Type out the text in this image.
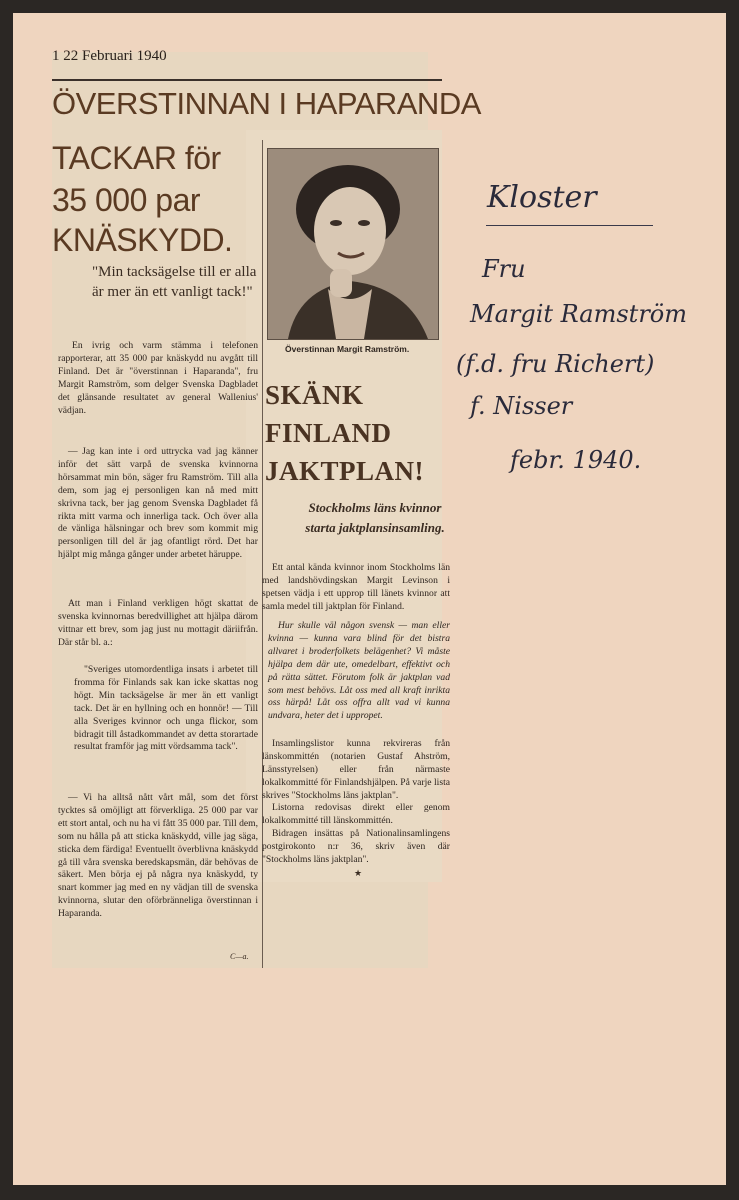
1 22 Februari 1940
ÖVERSTINNAN I HAPARANDA
TACKAR för
35 000 par
KNÄSKYDD.
"Min tacksägelse till er alla är mer än ett vanligt tack!"
En ivrig och varm stämma i telefonen rapporterar, att 35 000 par knäskydd nu avgått till Finland. Det är "överstinnan i Haparanda", fru Margit Ramström, som delger Svenska Dagbladet det glänsande resultatet av general Wallenius' vädjan.
— Jag kan inte i ord uttrycka vad jag känner inför det sätt varpå de svenska kvinnorna hörsammat min bön, säger fru Ramström. Till alla dem, som jag ej personligen kan nå med mitt skrivna tack, ber jag genom Svenska Dagbladet få rikta mitt varma och innerliga tack. Och över alla de vänliga hälsningar och brev som kommit mig personligen till del är jag ofantligt rörd. Det har hjälpt mig många gånger under arbetet häruppe.
Att man i Finland verkligen högt skattat de svenska kvinnornas beredvillighet att hjälpa därom vittnar ett brev, som jag just nu mottagit däriifrån. Där står bl. a.:
"Sveriges utomordentliga insats i arbetet till fromma för Finlands sak kan icke skattas nog högt. Min tacksägelse är mer än ett vanligt tack. Det är en hyllning och en honnör! — Till alla Sveriges kvinnor och unga flickor, som bidragit till åstadkommandet av detta storartade resultat framför jag mitt vördsamma tack".
— Vi ha alltså nått vårt mål, som det först tycktes så omöjligt att förverkliga. 25 000 par var ett stort antal, och nu ha vi fått 35 000 par. Till dem, som nu hålla på att sticka knäskydd, ville jag säga, sticka dem färdiga! Eventuellt överblivna knäskydd gå till våra svenska beredskapsmän, där behövas de säkert. Men börja ej på några nya knäskydd, ty snart kommer jag med en ny vädjan till de svenska kvinnorna, slutar den oförbränneliga överstinnan i Haparanda.
C—a.
Överstinnan Margit Ramström.
SKÄNK
FINLAND
JAKTPLAN!
Stockholms läns kvinnor starta jaktplansinsamling.
Ett antal kända kvinnor inom Stockholms län med landshövdingskan Margit Levinson i spetsen vädja i ett upprop till länets kvinnor att samla medel till jaktplan för Finland.
Hur skulle väl någon svensk — man eller kvinna — kunna vara blind för det bistra allvaret i broderfolkets belägenhet? Vi måste hjälpa dem där ute, omedelbart, effektivt och på rätta sättet. Förutom folk är jaktplan vad som mest behövs. Låt oss med all kraft inrikta oss härpå! Låt oss offra allt vad vi kunna undvara, heter det i uppropet.
Insamlingslistor kunna rekvireras från länskommittén (notarien Gustaf Ahström, Länsstyrelsen) eller från närmaste lokalkommitté för Finlandshjälpen. På varje lista skrives "Stockholms läns jaktplan".
Listorna redovisas direkt eller genom lokalkommitté till länskommittén.
Bidragen insättas på Nationalinsamlingens postgirokonto n:r 36, skriv även där "Stockholms läns jaktplan".
★
Kloster
Fru
Margit Ramström
(f.d. fru Richert)
f. Nisser
febr. 1940.
